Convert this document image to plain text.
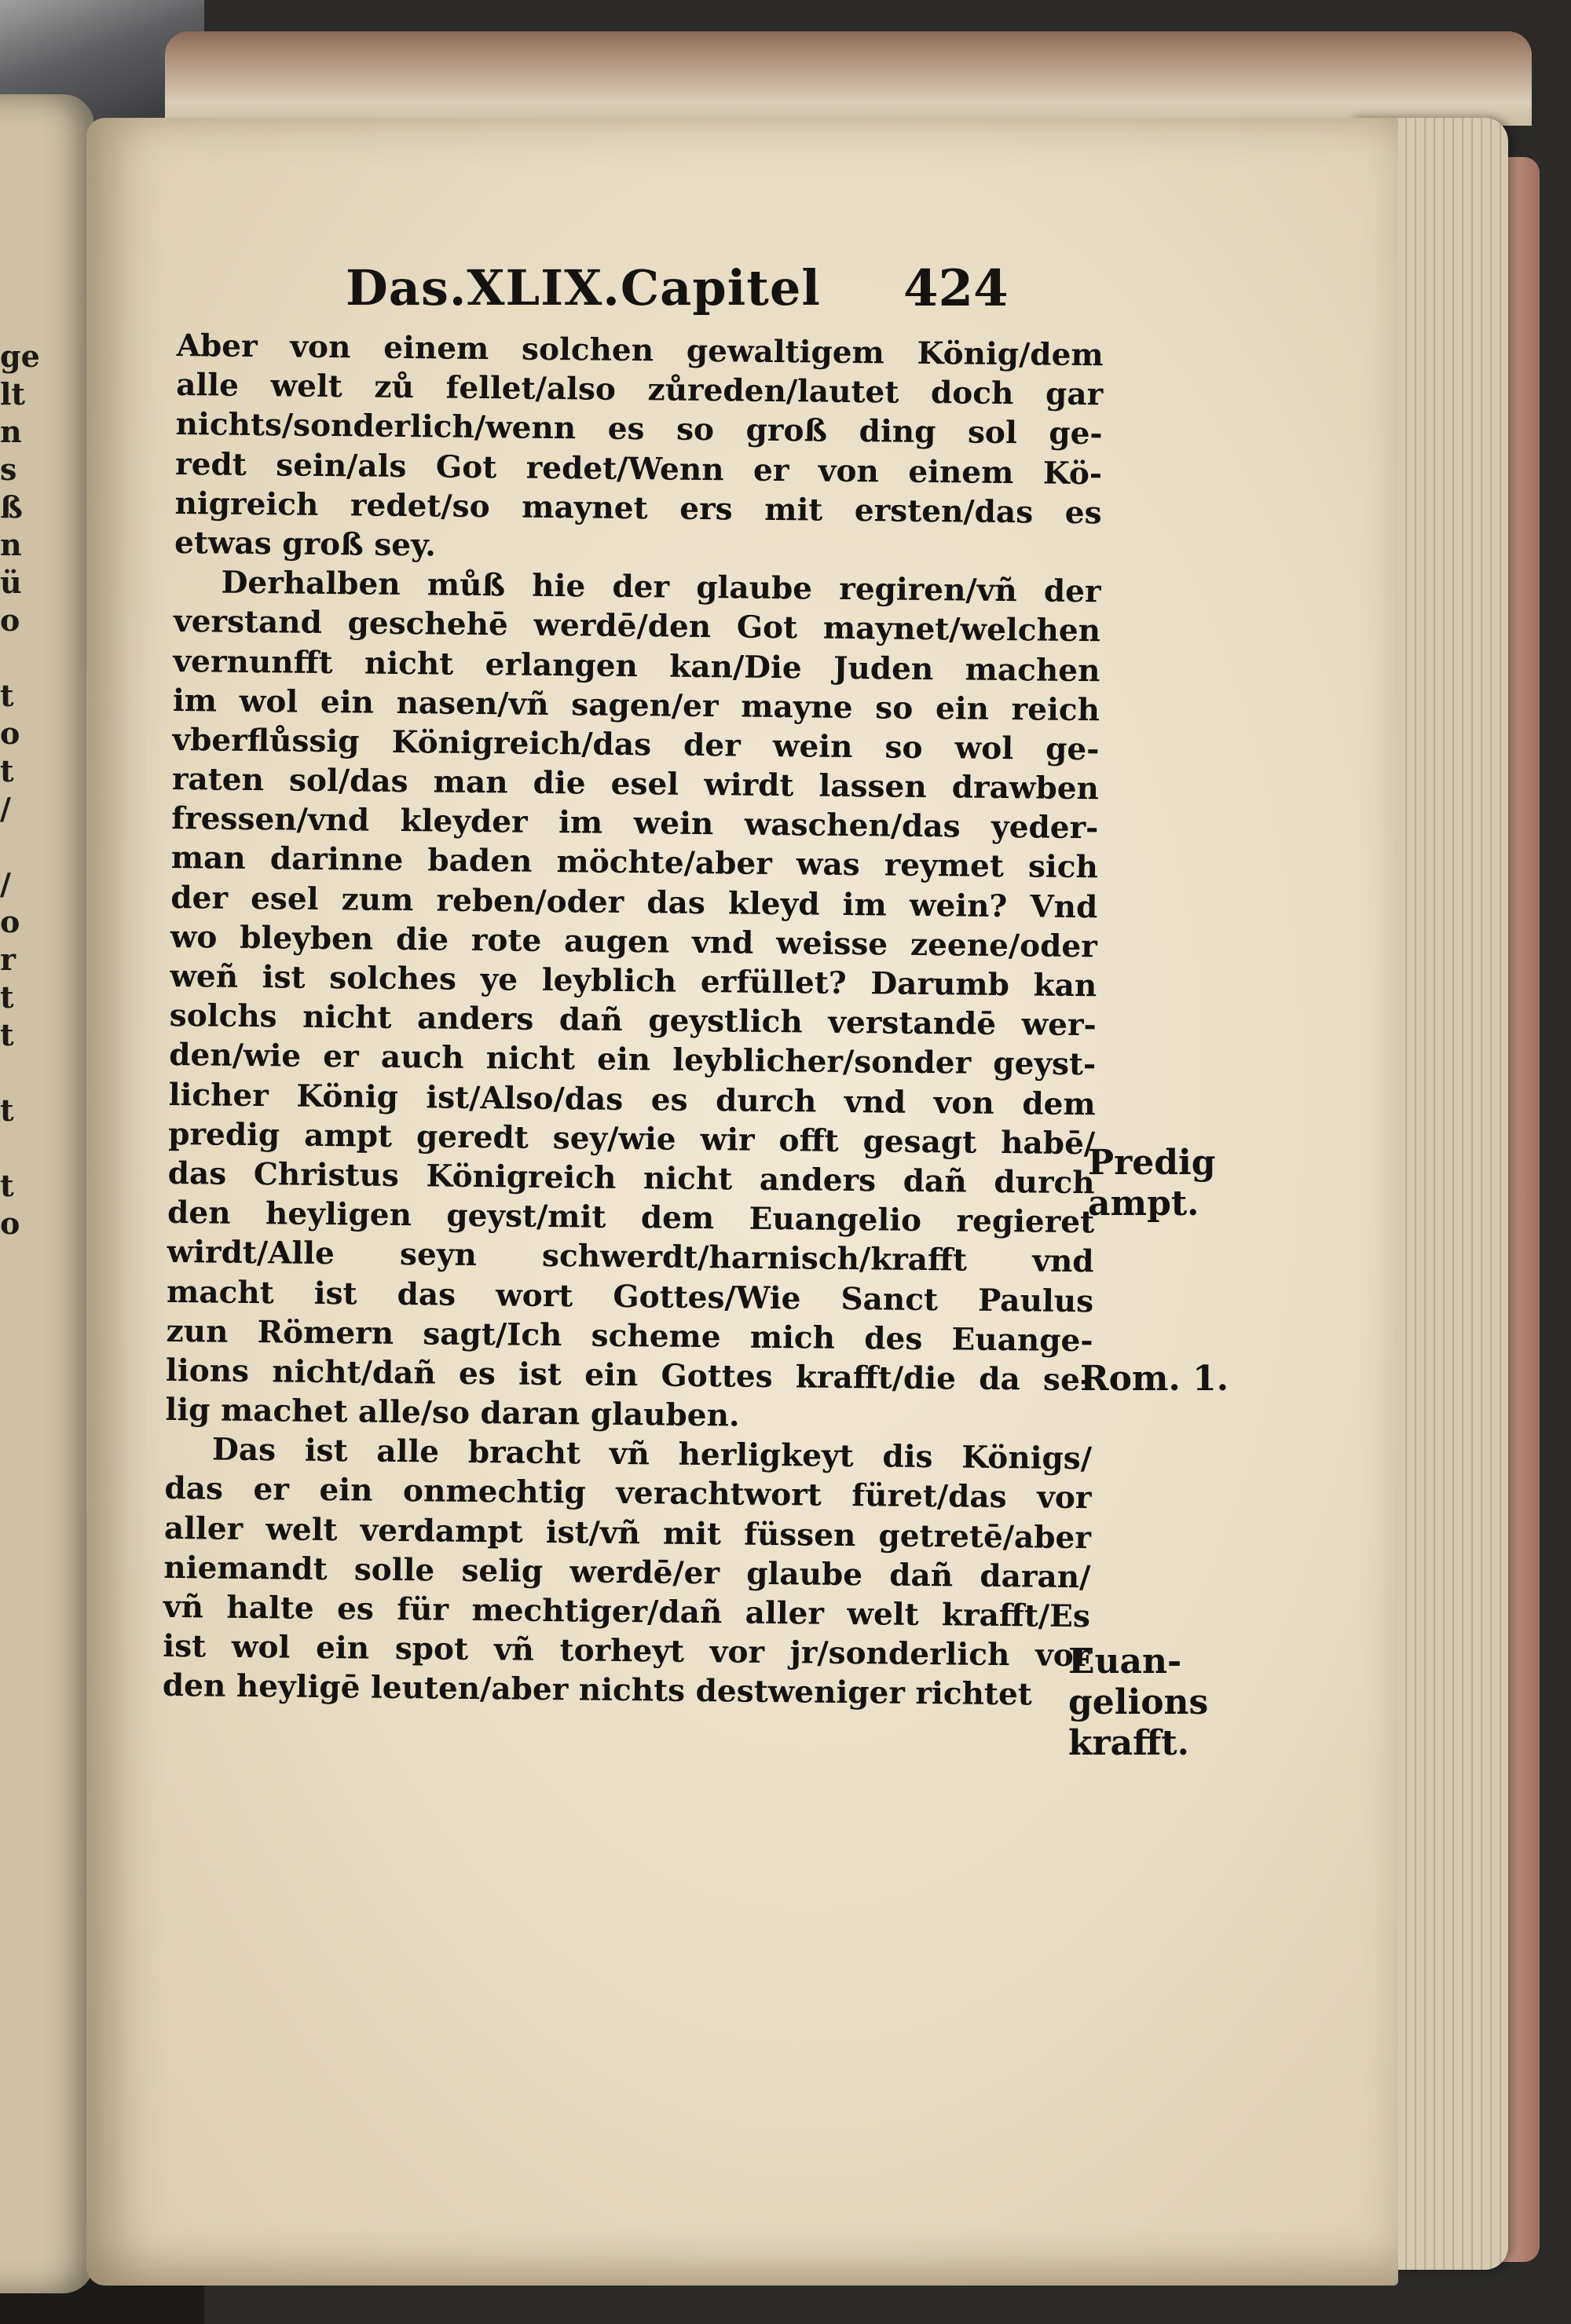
ge
lt
n
s
ß
n
ü
o
t
o
t
/
/
o
r
t
t
t
t
o
Das.XLIX.Capitel 424
Aber von einem solchen gewaltigem König/dem
alle welt zů fellet/also zůreden/lautet doch gar
nichts/sonderlich/wenn es so groß ding sol ge-
redt sein/als Got redet/Wenn er von einem Kö-
nigreich redet/so maynet ers mit ersten/das es
etwas groß sey.
Derhalben můß hie der glaube regiren/vñ der
verstand geschehē werdē/den Got maynet/welchen
vernunfft nicht erlangen kan/Die Juden machen
im wol ein nasen/vñ sagen/er mayne so ein reich
vberflůssig Königreich/das der wein so wol ge-
raten sol/das man die esel wirdt lassen drawben
fressen/vnd kleyder im wein waschen/das yeder-
man darinne baden möchte/aber was reymet sich
der esel zum reben/oder das kleyd im wein? Vnd
wo bleyben die rote augen vnd weisse zeene/oder
weñ ist solches ye leyblich erfüllet? Darumb kan
solchs nicht anders dañ geystlich verstandē wer-
den/wie er auch nicht ein leyblicher/sonder geyst-
licher König ist/Also/das es durch vnd von dem
predig ampt geredt sey/wie wir offt gesagt habē/
das Christus Königreich nicht anders dañ durch
den heyligen geyst/mit dem Euangelio regieret
wirdt/Alle seyn schwerdt/harnisch/krafft vnd
macht ist das wort Gottes/Wie Sanct Paulus
zun Römern sagt/Ich scheme mich des Euange-
lions nicht/dañ es ist ein Gottes krafft/die da se-
lig machet alle/so daran glauben.
Das ist alle bracht vñ herligkeyt dis Königs/
das er ein onmechtig verachtwort füret/das vor
aller welt verdampt ist/vñ mit füssen getretē/aber
niemandt solle selig werdē/er glaube dañ daran/
vñ halte es für mechtiger/dañ aller welt krafft/Es
ist wol ein spot vñ torheyt vor jr/sonderlich vor
den heyligē leuten/aber nichts destweniger richtet
Predig
ampt.
Rom. 1.
Euan-
gelions
krafft.
